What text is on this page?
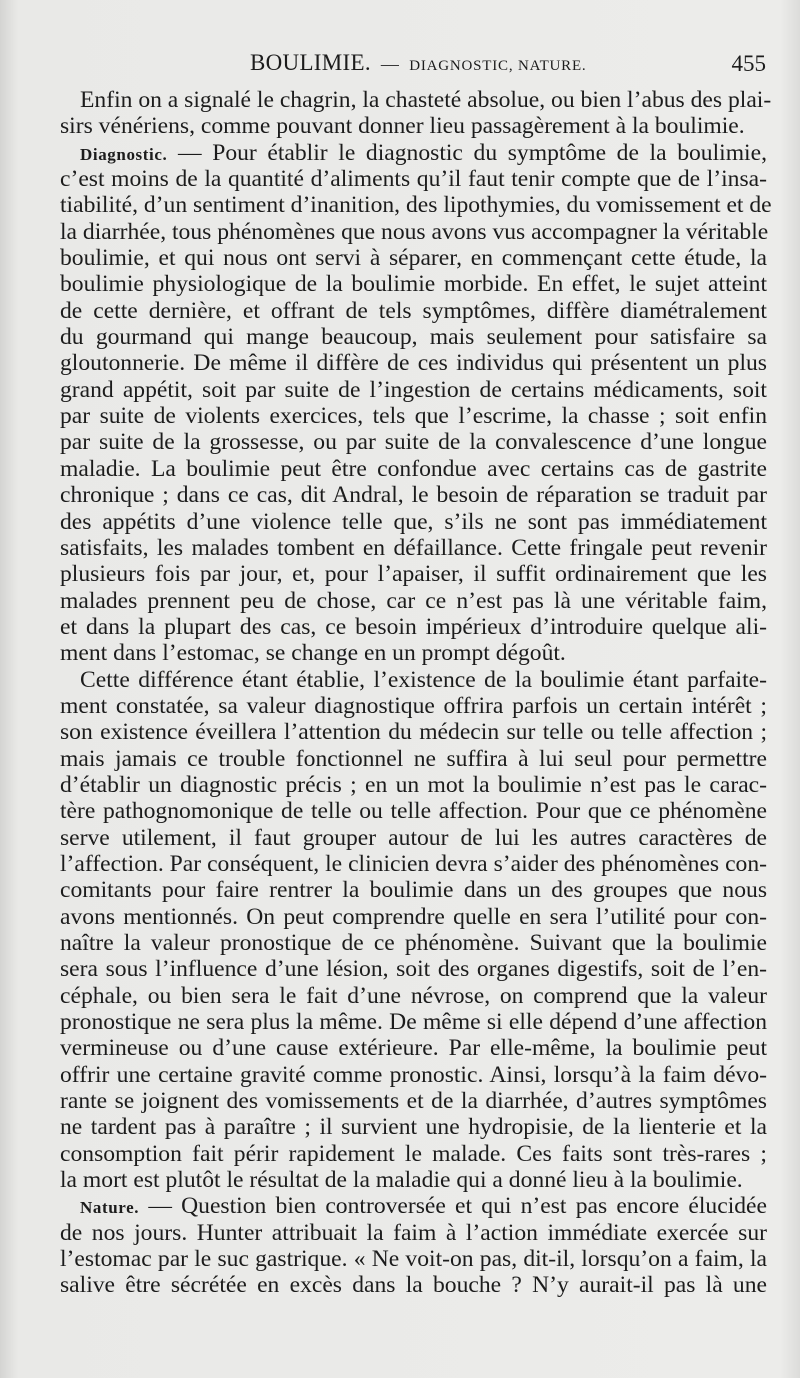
BOULIMIE. — DIAGNOSTIC, NATURE.	455
Enfin on a signalé le chagrin, la chasteté absolue, ou bien l’abus des plai-
sirs vénériens, comme pouvant donner lieu passagèrement à la boulimie.
Diagnostic. — Pour établir le diagnostic du symptôme de la boulimie,
c’est moins de la quantité d’aliments qu’il faut tenir compte que de l’insa-
tiabilité, d’un sentiment d’inanition, des lipothymies, du vomissement et de
la diarrhée, tous phénomènes que nous avons vus accompagner la véritable
boulimie, et qui nous ont servi à séparer, en commençant cette étude, la
boulimie physiologique de la boulimie morbide. En effet, le sujet atteint
de cette dernière, et offrant de tels symptômes, diffère diamétralement
du gourmand qui mange beaucoup, mais seulement pour satisfaire sa
gloutonnerie. De même il diffère de ces individus qui présentent un plus
grand appétit, soit par suite de l’ingestion de certains médicaments, soit
par suite de violents exercices, tels que l’escrime, la chasse ; soit enfin
par suite de la grossesse, ou par suite de la convalescence d’une longue
maladie. La boulimie peut être confondue avec certains cas de gastrite
chronique ; dans ce cas, dit Andral, le besoin de réparation se traduit par
des appétits d’une violence telle que, s’ils ne sont pas immédiatement
satisfaits, les malades tombent en défaillance. Cette fringale peut revenir
plusieurs fois par jour, et, pour l’apaiser, il suffit ordinairement que les
malades prennent peu de chose, car ce n’est pas là une véritable faim,
et dans la plupart des cas, ce besoin impérieux d’introduire quelque ali-
ment dans l’estomac, se change en un prompt dégoût.
Cette différence étant établie, l’existence de la boulimie étant parfaite-
ment constatée, sa valeur diagnostique offrira parfois un certain intérêt ;
son existence éveillera l’attention du médecin sur telle ou telle affection ;
mais jamais ce trouble fonctionnel ne suffira à lui seul pour permettre
d’établir un diagnostic précis ; en un mot la boulimie n’est pas le carac-
tère pathognomonique de telle ou telle affection. Pour que ce phénomène
serve utilement, il faut grouper autour de lui les autres caractères de
l’affection. Par conséquent, le clinicien devra s’aider des phénomènes con-
comitants pour faire rentrer la boulimie dans un des groupes que nous
avons mentionnés. On peut comprendre quelle en sera l’utilité pour con-
naître la valeur pronostique de ce phénomène. Suivant que la boulimie
sera sous l’influence d’une lésion, soit des organes digestifs, soit de l’en-
céphale, ou bien sera le fait d’une névrose, on comprend que la valeur
pronostique ne sera plus la même. De même si elle dépend d’une affection
vermineuse ou d’une cause extérieure. Par elle-même, la boulimie peut
offrir une certaine gravité comme pronostic. Ainsi, lorsqu’à la faim dévo-
rante se joignent des vomissements et de la diarrhée, d’autres symptômes
ne tardent pas à paraître ; il survient une hydropisie, de la lienterie et la
consomption fait périr rapidement le malade. Ces faits sont très-rares ;
la mort est plutôt le résultat de la maladie qui a donné lieu à la boulimie.
Nature. — Question bien controversée et qui n’est pas encore élucidée
de nos jours. Hunter attribuait la faim à l’action immédiate exercée sur
l’estomac par le suc gastrique. « Ne voit-on pas, dit-il, lorsqu’on a faim, la
salive être sécrétée en excès dans la bouche ? N’y aurait-il pas là une
